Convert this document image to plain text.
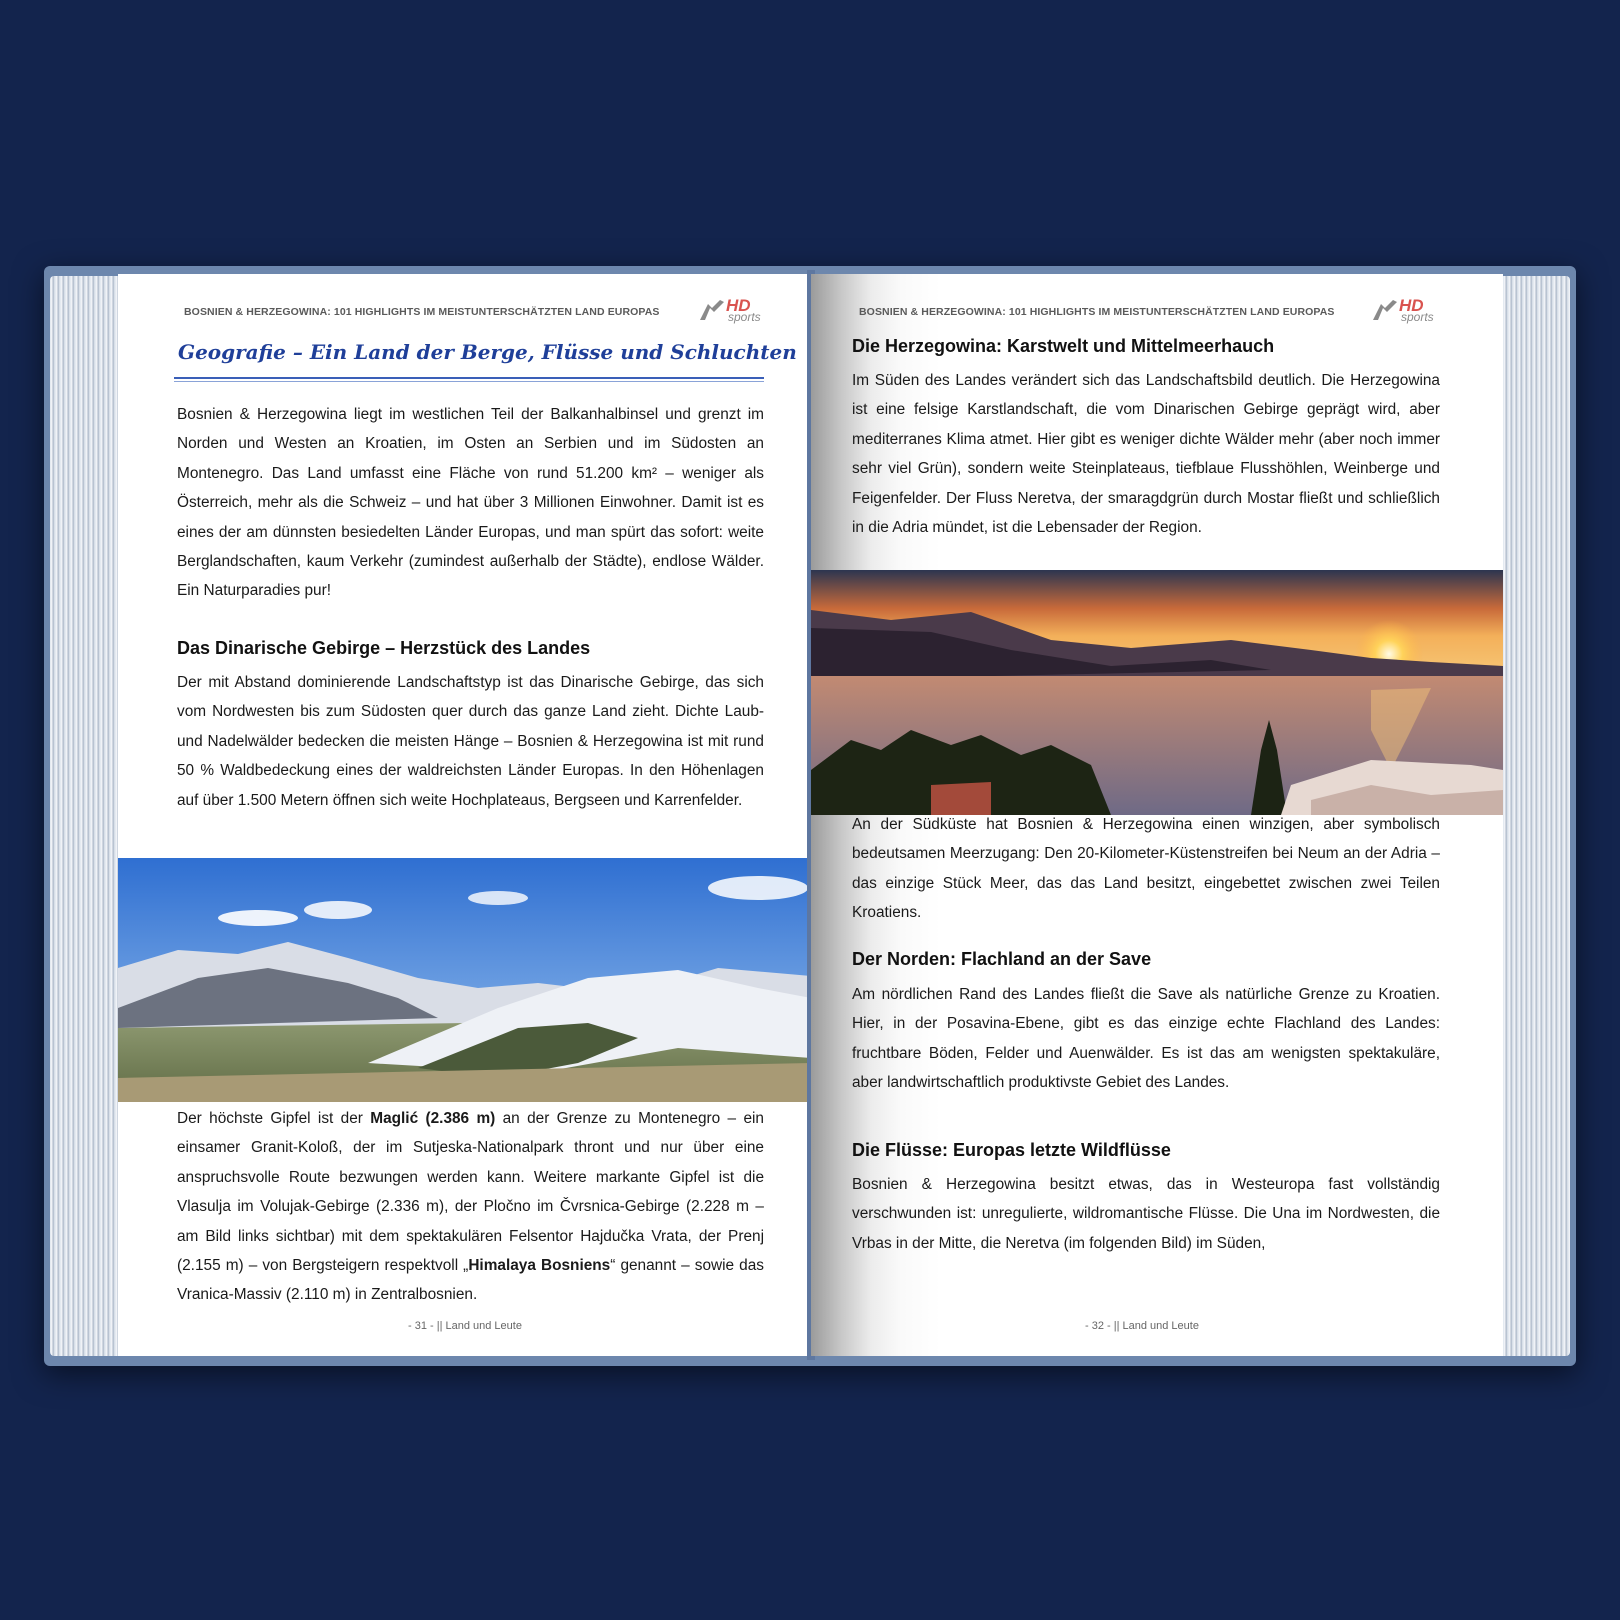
BOSNIEN & HERZEGOWINA: 101 HIGHLIGHTS IM MEISTUNTERSCHÄTZTEN LAND EUROPAS	HD
sports
Geografie – Ein Land der Berge, Flüsse und Schluchten

Bosnien & Herzegowina liegt im westlichen Teil der Balkanhalbinsel und grenzt im Norden und Westen an Kroatien, im Osten an Serbien und im Südosten an Montenegro. Das Land umfasst eine Fläche von rund 51.200 km² – weniger als Österreich, mehr als die Schweiz – und hat über 3 Millionen Einwohner. Damit ist es eines der am dünnsten besiedelten Länder Europas, und man spürt das sofort: weite Berglandschaften, kaum Verkehr (zumindest außerhalb der Städte), endlose Wälder. Ein Naturparadies pur!

Das Dinarische Gebirge – Herzstück des Landes

Der mit Abstand dominierende Landschaftstyp ist das Dinarische Gebirge, das sich vom Nordwesten bis zum Südosten quer durch das ganze Land zieht. Dichte Laub- und Nadelwälder bedecken die meisten Hänge – Bosnien & Herzegowina ist mit rund 50 % Waldbedeckung eines der waldreichsten Länder Europas. In den Höhenlagen auf über 1.500 Metern öffnen sich weite Hochplateaus, Bergseen und Karrenfelder.

Der höchste Gipfel ist der Maglić (2.386 m) an der Grenze zu Montenegro – ein einsamer Granit-Koloß, der im Sutjeska-Nationalpark thront und nur über eine anspruchsvolle Route bezwungen werden kann. Weitere markante Gipfel ist die Vlasulja im Volujak-Gebirge (2.336 m), der Pločno im Čvrsnica-Gebirge (2.228 m – am Bild links sichtbar) mit dem spektakulären Felsentor Hajdučka Vrata, der Prenj (2.155 m) – von Bergsteigern respektvoll „Himalaya Bosniens“ genannt – sowie das Vranica-Massiv (2.110 m) in Zentralbosnien.

- 31 - || Land und Leute
BOSNIEN & HERZEGOWINA: 101 HIGHLIGHTS IM MEISTUNTERSCHÄTZTEN LAND EUROPAS	HD
sports
Die Herzegowina: Karstwelt und Mittelmeerhauch

Im Süden des Landes verändert sich das Landschaftsbild deutlich. Die Herzegowina ist eine felsige Karstlandschaft, die vom Dinarischen Gebirge geprägt wird, aber mediterranes Klima atmet. Hier gibt es weniger dichte Wälder mehr (aber noch immer sehr viel Grün), sondern weite Steinplateaus, tiefblaue Flusshöhlen, Weinberge und Feigenfelder. Der Fluss Neretva, der smaragdgrün durch Mostar fließt und schließlich in die Adria mündet, ist die Lebensader der Region.

An der Südküste hat Bosnien & Herzegowina einen winzigen, aber symbolisch bedeutsamen Meerzugang: Den 20-Kilometer-Küstenstreifen bei Neum an der Adria – das einzige Stück Meer, das das Land besitzt, eingebettet zwischen zwei Teilen Kroatiens.

Der Norden: Flachland an der Save

Am nördlichen Rand des Landes fließt die Save als natürliche Grenze zu Kroatien. Hier, in der Posavina-Ebene, gibt es das einzige echte Flachland des Landes: fruchtbare Böden, Felder und Auenwälder. Es ist das am wenigsten spektakuläre, aber landwirtschaftlich produktivste Gebiet des Landes.

Die Flüsse: Europas letzte Wildflüsse

Bosnien & Herzegowina besitzt etwas, das in Westeuropa fast vollständig verschwunden ist: unregulierte, wildromantische Flüsse. Die Una im Nordwesten, die Vrbas in der Mitte, die Neretva (im folgenden Bild) im Süden,

- 32 - || Land und Leute
